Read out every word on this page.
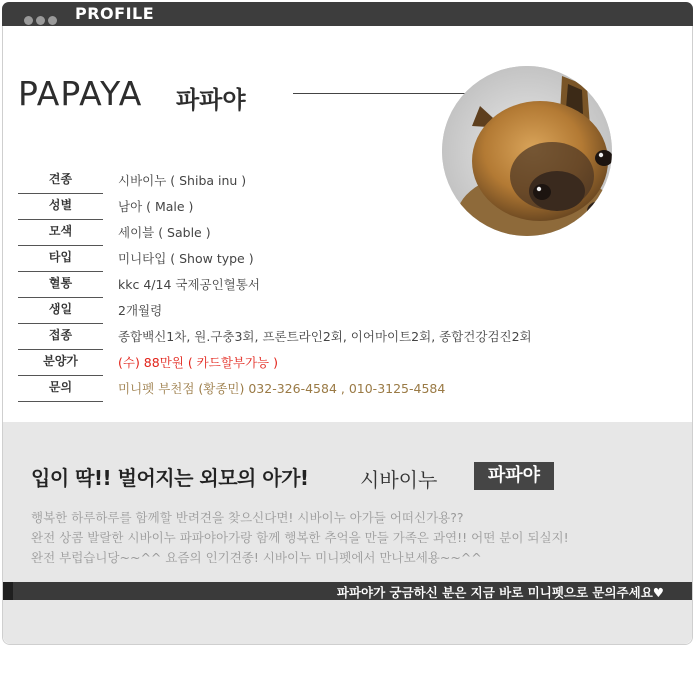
PROFILE
PAPAYA 파파야
견종	시바이누 ( Shiba inu )
성별	남아 ( Male )
모색	세이블 ( Sable )
타입	미니타입 ( Show type )
혈통	kkc 4/14 국제공인혈통서
생일	2개월령
접종	종합백신1차, 원.구충3회, 프론트라인2회, 이어마이트2회, 종합건강검진2회
분양가	(수) 88만원 ( 카드할부가능 )
문의	미니펫 부천점 (황종민) 032-326-4584 , 010-3125-4584
입이 딱!! 벌어지는 외모의 아가!	시바이누	파파야
행복한 하루하루를 함께할 반려견을 찾으신다면! 시바이누 아가들 어떠신가용??
완전 상콤 발랄한 시바이누 파파야아가랑 함께 행복한 추억을 만들 가족은 과연!! 어떤 분이 되실지!
완전 부럽습니당~~^^ 요즘의 인기견종! 시바이누 미니펫에서 만나보세용~~^^
파파야가 궁금하신 분은 지금 바로 미니펫으로 문의주세요♥
